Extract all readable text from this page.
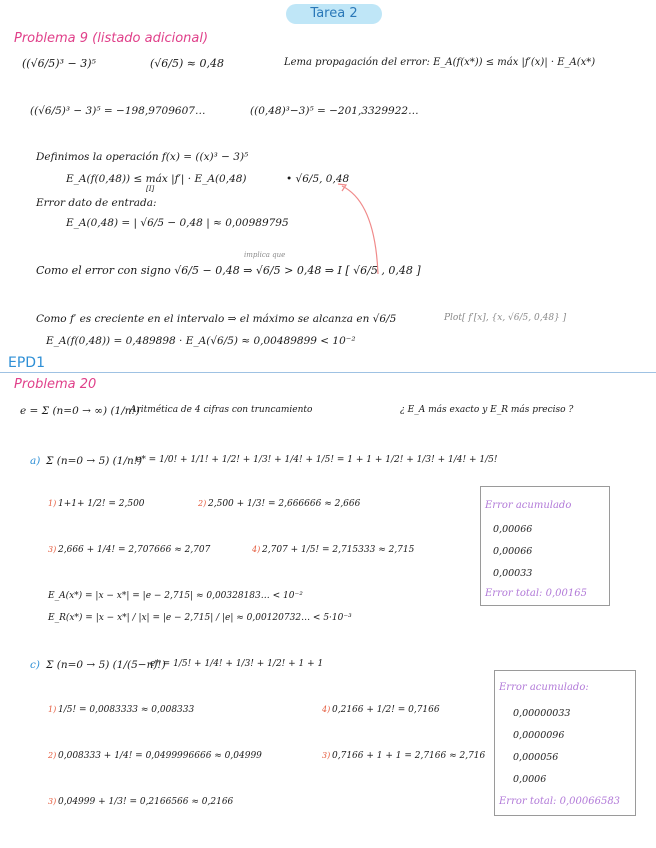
Tarea 2
Problema 9 (listado adicional)
((√6/5)³ − 3)⁵	(√6/5) ≈ 0,48	Lema propagación del error: E_A(f(x*)) ≤ máx |f′(x)| · E_A(x*)
((√6/5)³ − 3)⁵ = −198,9709607…	((0,48)³−3)⁵ = −201,3329922…
Definimos la operación f(x) = ((x)³ − 3)⁵
E_A(f(0,48)) ≤ máx |f′| · E_A(0,48)
[I]
• √6/5, 0,48
Error dato de entrada:
E_A(0,48) = | √6/5 − 0,48 | ≈ 0,00989795
implica que
Como el error con signo √6/5 − 0,48 ⇒ √6/5 > 0,48 ⇒ I [ √6/5 , 0,48 ]
Como f′ es creciente en el intervalo ⇒ el máximo se alcanza en √6/5	Plot[ f′[x], {x, √6/5, 0,48} ]
E_A(f(0,48)) = 0,489898 · E_A(√6/5) ≈ 0,00489899 < 10⁻²
EPD1
Problema 20
e = Σ (n=0 → ∞) (1/n!)
Aritmética de 4 cifras con truncamiento	¿ E_A más exacto y E_R más preciso ?
a) Σ (n=0 → 5) (1/n!)
e* = 1/0! + 1/1! + 1/2! + 1/3! + 1/4! + 1/5! = 1 + 1 + 1/2! + 1/3! + 1/4! + 1/5!
1) 1+1+ 1/2! = 2,500	2) 2,500 + 1/3! = 2,666666 ≈ 2,666
3) 2,666 + 1/4! = 2,707666 ≈ 2,707	4) 2,707 + 1/5! = 2,715333 ≈ 2,715
E_A(x*) = |x − x*| = |e − 2,715| ≈ 0,00328183… < 10⁻²
E_R(x*) = |x − x*| / |x| = |e − 2,715| / |e| ≈ 0,00120732… < 5·10⁻³
Error acumulado
0,00066
0,00066
0,00033
Error total: 0,00165
c) Σ (n=0 → 5) (1/(5−n)!)
e* = 1/5! + 1/4! + 1/3! + 1/2! + 1 + 1
1) 1/5! = 0,0083333 ≈ 0,008333	4) 0,2166 + 1/2! = 0,7166
2) 0,008333 + 1/4! = 0,0499996666 ≈ 0,04999	3) 0,7166 + 1 + 1 = 2,7166 ≈ 2,716
3) 0,04999 + 1/3! = 0,2166566 ≈ 0,2166
Error acumulado:
0,00000033
0,0000096
0,000056
0,0006
Error total: 0,00066583
